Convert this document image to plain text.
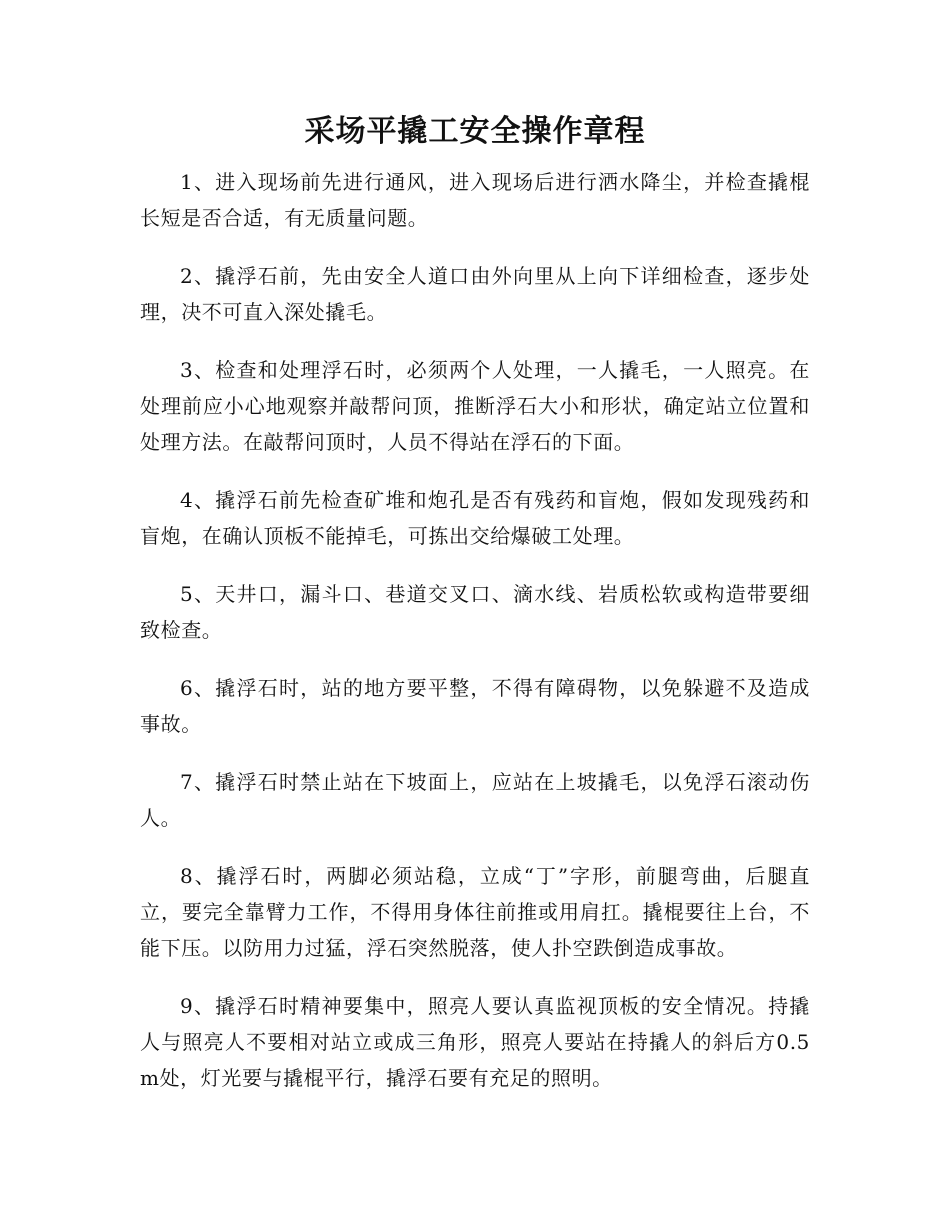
采场平撬工安全操作章程

1、进入现场前先进行通风，进入现场后进行洒水降尘，并检查撬棍长短是否合适，有无质量问题。

2、撬浮石前，先由安全人道口由外向里从上向下详细检查，逐步处理，决不可直入深处撬毛。

3、检查和处理浮石时，必须两个人处理，一人撬毛，一人照亮。在处理前应小心地观察并敲帮问顶，推断浮石大小和形状，确定站立位置和处理方法。在敲帮问顶时，人员不得站在浮石的下面。

4、撬浮石前先检查矿堆和炮孔是否有残药和盲炮，假如发现残药和盲炮，在确认顶板不能掉毛，可拣出交给爆破工处理。

5、天井口，漏斗口、巷道交叉口、滴水线、岩质松软或构造带要细致检查。

6、撬浮石时，站的地方要平整，不得有障碍物，以免躲避不及造成事故。

7、撬浮石时禁止站在下坡面上，应站在上坡撬毛，以免浮石滚动伤人。

8、撬浮石时，两脚必须站稳，立成“丁”字形，前腿弯曲，后腿直立，要完全靠臂力工作，不得用身体往前推或用肩扛。撬棍要往上台，不能下压。以防用力过猛，浮石突然脱落，使人扑空跌倒造成事故。

9、撬浮石时精神要集中，照亮人要认真监视顶板的安全情况。持撬人与照亮人不要相对站立或成三角形，照亮人要站在持撬人的斜后方0.5m处，灯光要与撬棍平行，撬浮石要有充足的照明。
